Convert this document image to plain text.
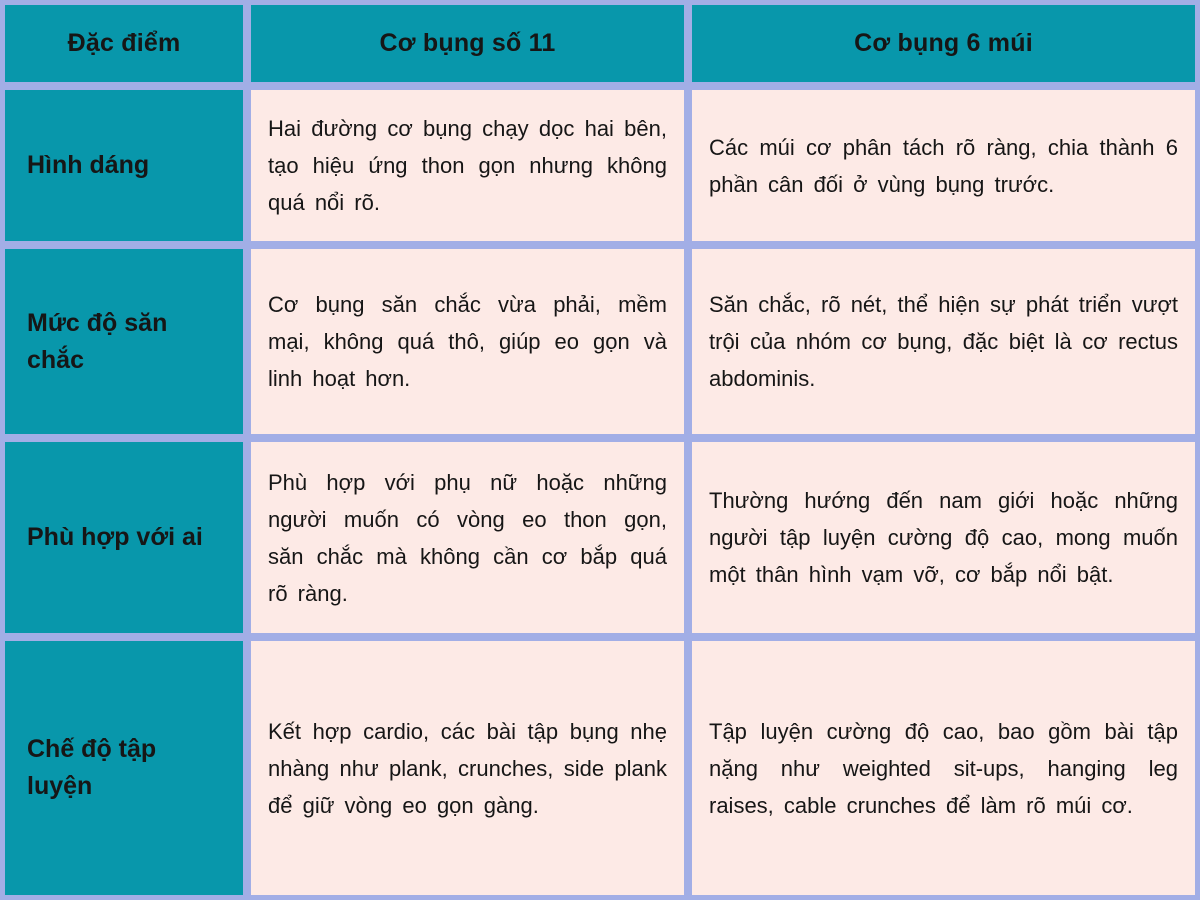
Đặc điểm	Cơ bụng số 11	Cơ bụng 6 múi
Hình dáng

Hai đường cơ bụng chạy dọc hai bên, tạo hiệu ứng thon gọn nhưng không quá nổi rõ.

Các múi cơ phân tách rõ ràng, chia thành 6 phần cân đối ở vùng bụng trước.

Mức độ săn chắc

Cơ bụng săn chắc vừa phải, mềm mại, không quá thô, giúp eo gọn và linh hoạt hơn.

Săn chắc, rõ nét, thể hiện sự phát triển vượt trội của nhóm cơ bụng, đặc biệt là cơ rectus abdominis.

Phù hợp với ai

Phù hợp với phụ nữ hoặc những người muốn có vòng eo thon gọn, săn chắc mà không cần cơ bắp quá rõ ràng.

Thường hướng đến nam giới hoặc những người tập luyện cường độ cao, mong muốn một thân hình vạm vỡ, cơ bắp nổi bật.

Chế độ tập luyện

Kết hợp cardio, các bài tập bụng nhẹ nhàng như plank, crunches, side plank để giữ vòng eo gọn gàng.

Tập luyện cường độ cao, bao gồm bài tập nặng như weighted sit-ups, hanging leg raises, cable crunches để làm rõ múi cơ.
